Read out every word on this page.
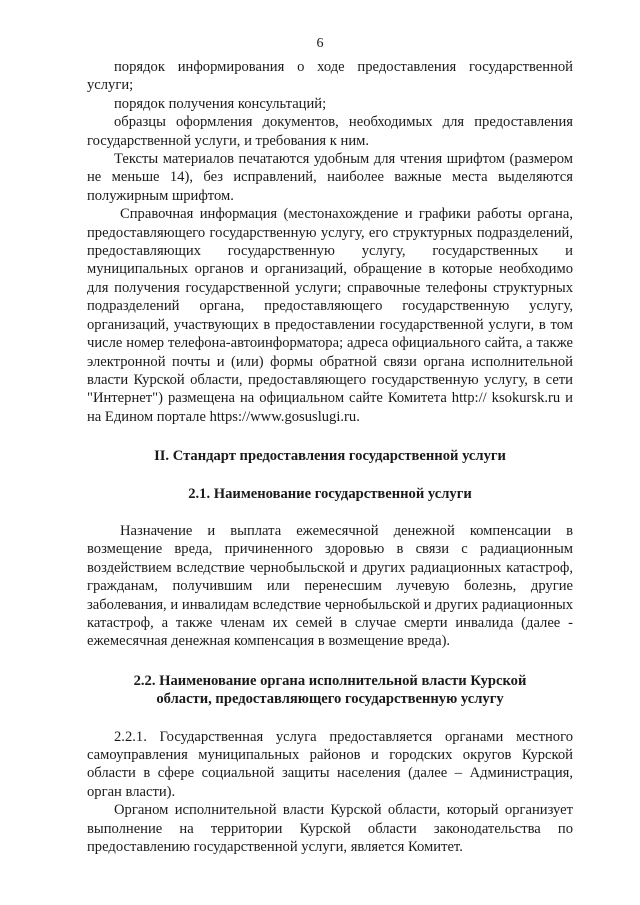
6

порядок информирования о ходе предоставления государственной услуги;

порядок получения консультаций;

образцы оформления документов, необходимых для предоставления государственной услуги, и требования к ним.

Тексты материалов печатаются удобным для чтения шрифтом (размером не меньше 14), без исправлений, наиболее важные места выделяются полужирным шрифтом.

Справочная информация (местонахождение и графики работы органа, предоставляющего государственную услугу, его структурных подразделений, предоставляющих государственную услугу, государственных и муниципальных органов и организаций, обращение в которые необходимо для получения государственной услуги; справочные телефоны структурных подразделений органа, предоставляющего государственную услугу, организаций, участвующих в предоставлении государственной услуги, в том числе номер телефона-автоинформатора; адреса официального сайта, а также электронной почты и (или) формы обратной связи органа исполнительной власти Курской области, предоставляющего государственную услугу, в сети "Интернет") размещена на официальном сайте Комитета http:// ksokursk.ru и на Едином портале https://www.gosuslugi.ru.

II. Стандарт предоставления государственной услуги
2.1. Наименование государственной услуги

Назначение и выплата ежемесячной денежной компенсации в возмещение вреда, причиненного здоровью в связи с радиационным воздействием вследствие чернобыльской и других радиационных катастроф, гражданам, получившим или перенесшим лучевую болезнь, другие заболевания, и инвалидам вследствие чернобыльской и других радиационных катастроф, а также членам их семей в случае смерти инвалида (далее - ежемесячная денежная компенсация в возмещение вреда).

2.2. Наименование органа исполнительной власти Курской
области, предоставляющего государственную услугу

2.2.1. Государственная услуга предоставляется органами местного самоуправления муниципальных районов и городских округов Курской области в сфере социальной защиты населения (далее – Администрация, орган власти).

Органом исполнительной власти Курской области, который организует выполнение на территории Курской области законодательства по предоставлению государственной услуги, является Комитет.
